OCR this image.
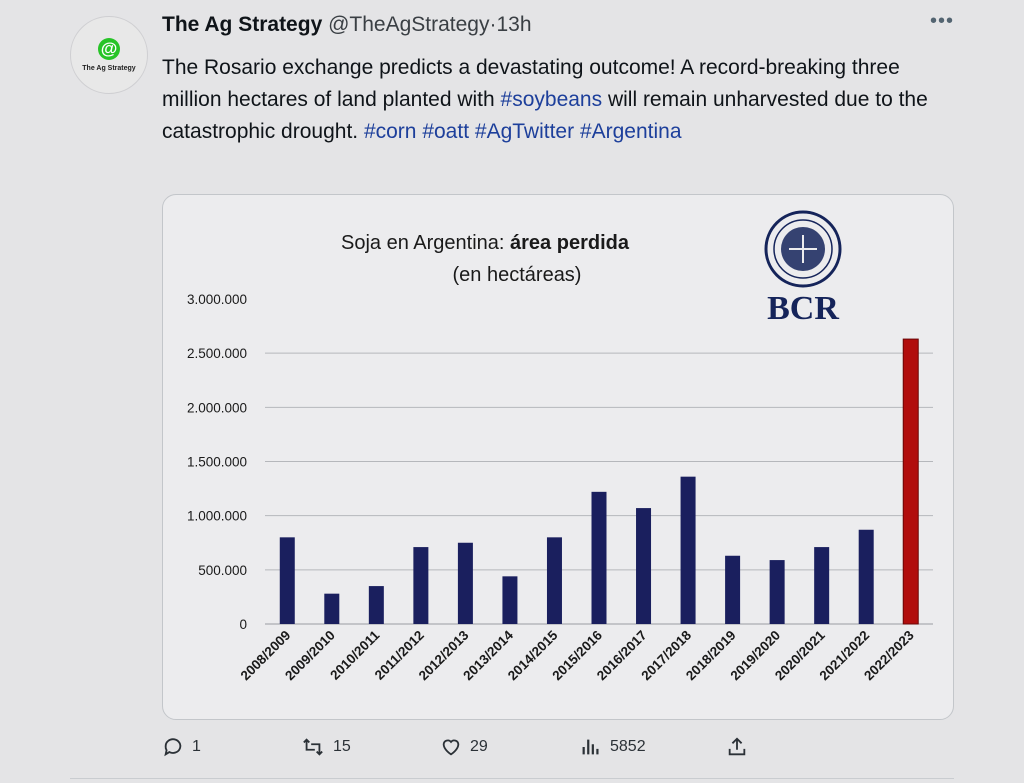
@
The Ag Strategy
The Ag Strategy @TheAgStrategy·13h	•••
The Rosario exchange predicts a devastating outcome! A record-breaking three million hectares of land planted with #soybeans will remain unharvested due to the catastrophic drought. #corn #oatt #AgTwitter #Argentina
Soja en Argentina: área perdida
(en hectáreas)
BCR
0
500.000
1.000.000
1.500.000
2.000.000
2.500.000
3.000.000
2008/2009
2009/2010
2010/2011
2011/2012
2012/2013
2013/2014
2014/2015
2015/2016
2016/2017
2017/2018
2018/2019
2019/2020
2020/2021
2021/2022
2022/2023
1	15	29	5852
